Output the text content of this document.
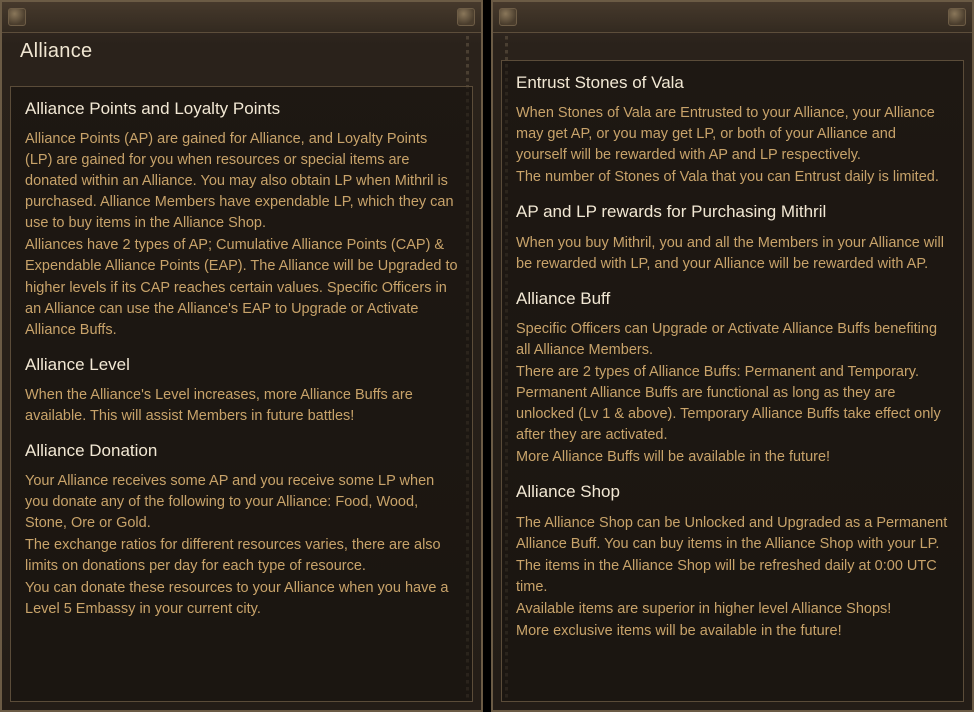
Alliance
Alliance Points and Loyalty Points

Alliance Points (AP) are gained for Alliance, and Loyalty Points (LP) are gained for you when resources or special items are donated within an Alliance. You may also obtain LP when Mithril is purchased. Alliance Members have expendable LP, which they can use to buy items in the Alliance Shop.

Alliances have 2 types of AP; Cumulative Alliance Points (CAP) & Expendable Alliance Points (EAP). The Alliance will be Upgraded to higher levels if its CAP reaches certain values. Specific Officers in an Alliance can use the Alliance's EAP to Upgrade or Activate Alliance Buffs.

Alliance Level

When the Alliance's Level increases, more Alliance Buffs are available. This will assist Members in future battles!

Alliance Donation

Your Alliance receives some AP and you receive some LP when you donate any of the following to your Alliance: Food, Wood, Stone, Ore or Gold.

The exchange ratios for different resources varies, there are also limits on donations per day for each type of resource.

You can donate these resources to your Alliance when you have a Level 5 Embassy in your current city.

Entrust Stones of Vala

When Stones of Vala are Entrusted to your Alliance, your Alliance may get AP, or you may get LP, or both of your Alliance and yourself will be rewarded with AP and LP respectively.

The number of Stones of Vala that you can Entrust daily is limited.

AP and LP rewards for Purchasing Mithril

When you buy Mithril, you and all the Members in your Alliance will be rewarded with LP, and your Alliance will be rewarded with AP.

Alliance Buff

Specific Officers can Upgrade or Activate Alliance Buffs benefiting all Alliance Members.

There are 2 types of Alliance Buffs: Permanent and Temporary. Permanent Alliance Buffs are functional as long as they are unlocked (Lv 1 & above). Temporary Alliance Buffs take effect only after they are activated.

More Alliance Buffs will be available in the future!

Alliance Shop

The Alliance Shop can be Unlocked and Upgraded as a Permanent Alliance Buff. You can buy items in the Alliance Shop with your LP.

The items in the Alliance Shop will be refreshed daily at 0:00 UTC time.

Available items are superior in higher level Alliance Shops!

More exclusive items will be available in the future!
